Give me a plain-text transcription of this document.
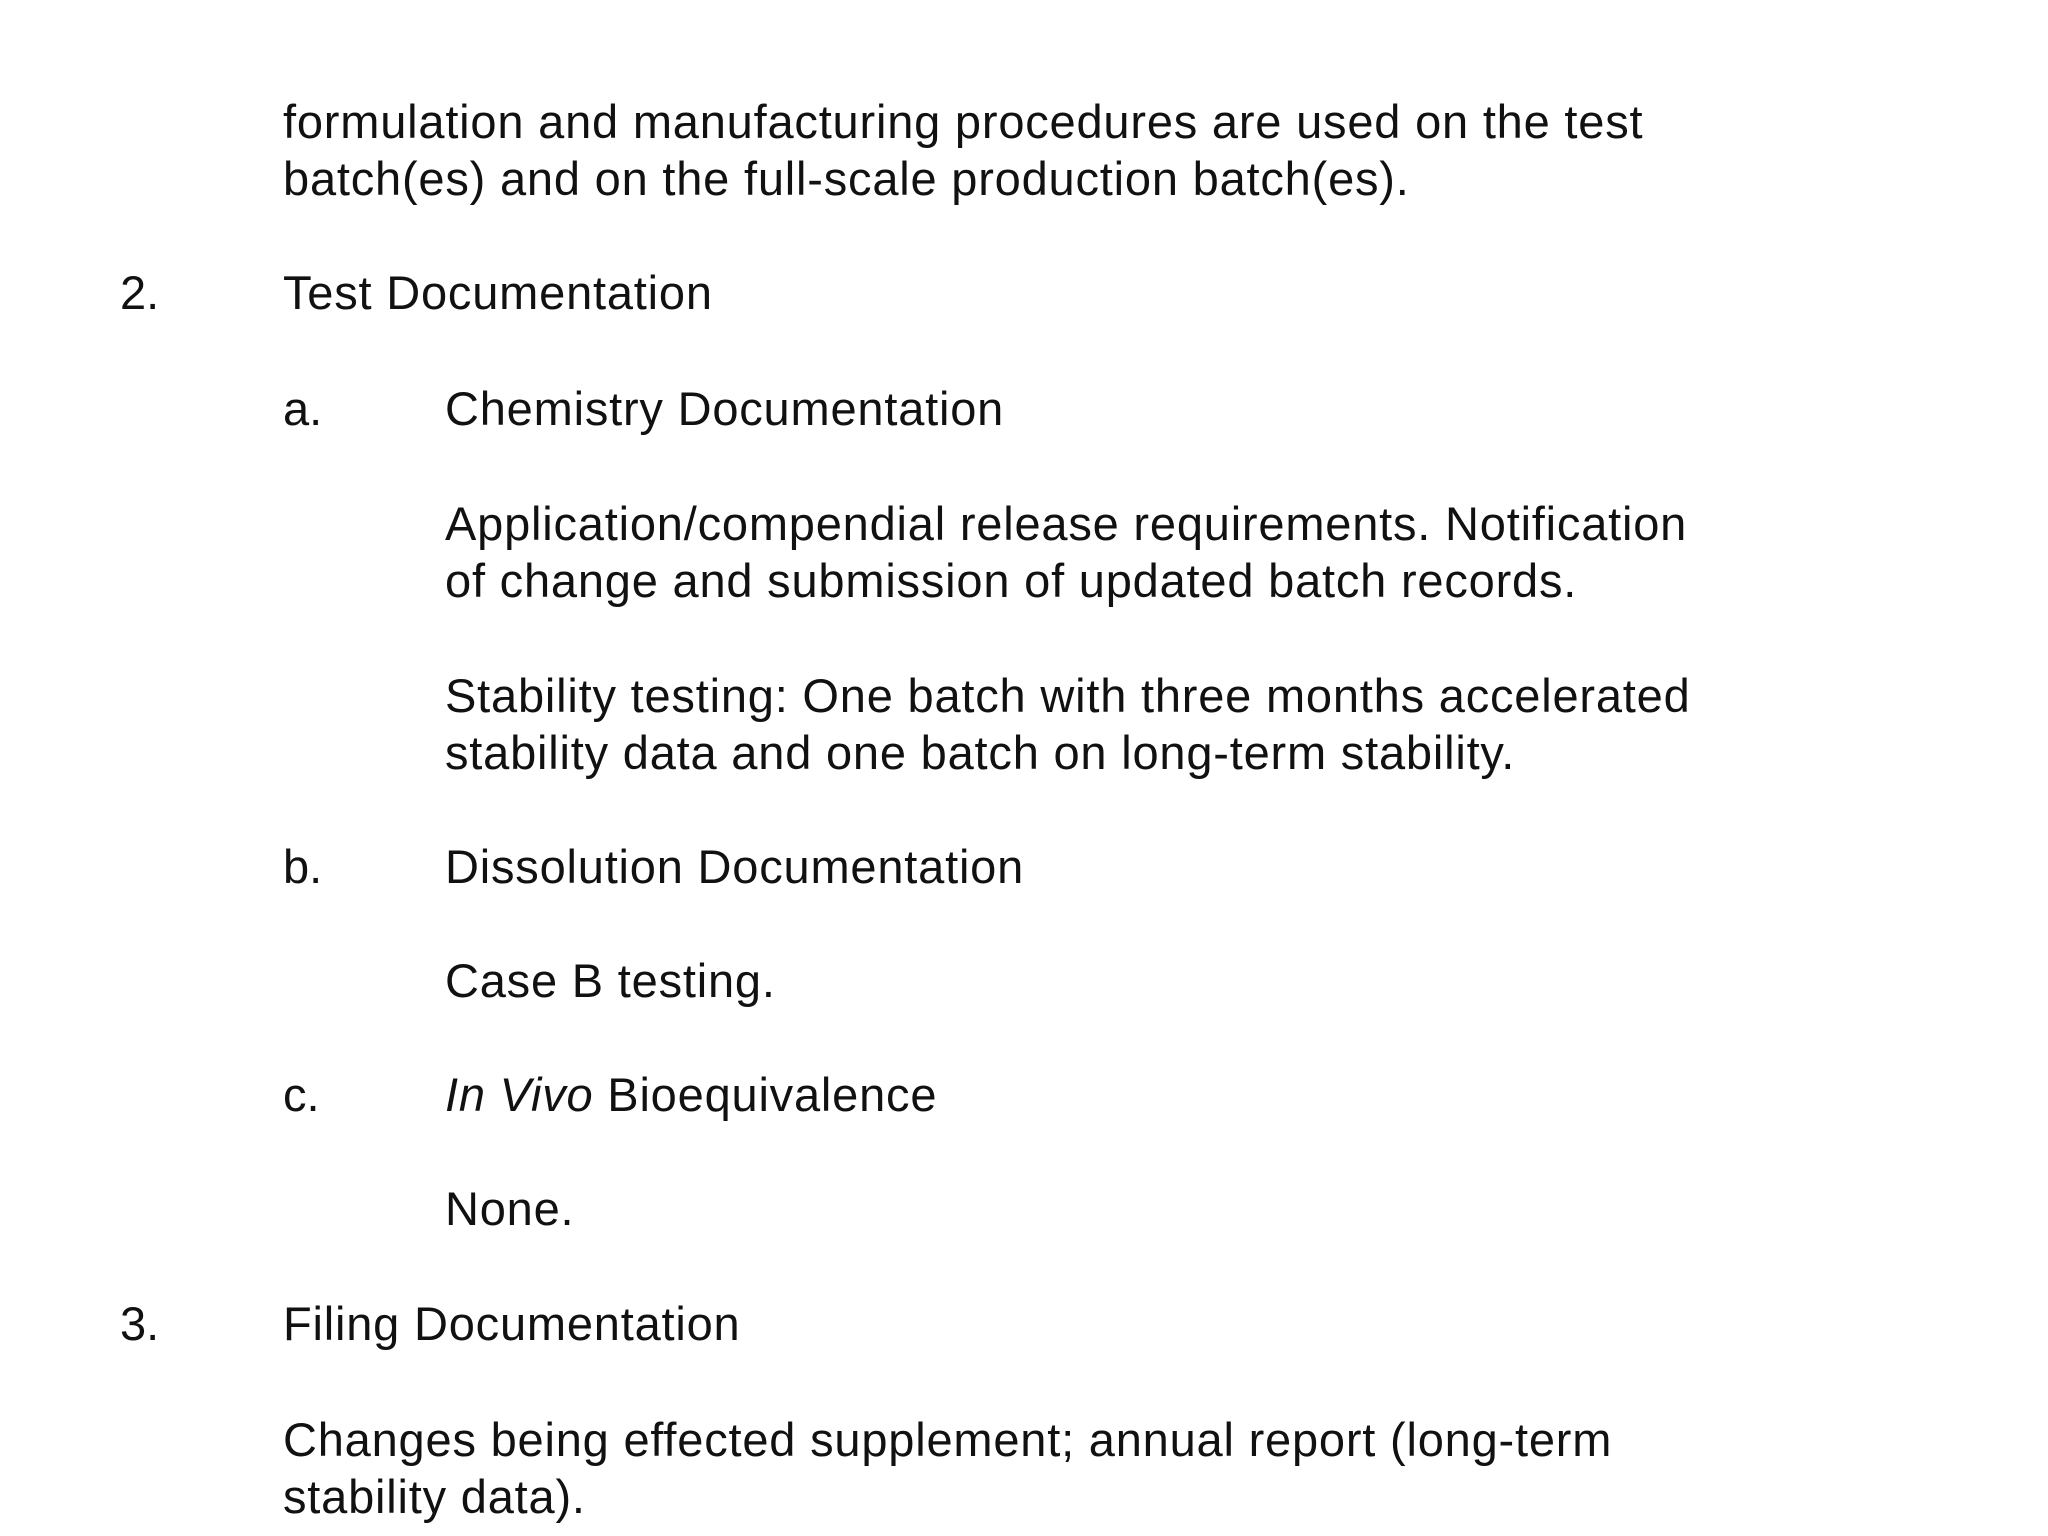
formulation and manufacturing procedures are used on the test

batch(es) and on the full-scale production batch(es).

2.	Test Documentation

a.	Chemistry Documentation

Application/compendial release requirements. Notification

of change and submission of updated batch records.

Stability testing: One batch with three months accelerated

stability data and one batch on long-term stability.

b.	Dissolution Documentation

Case B testing.

c.	In Vivo Bioequivalence

None.

3.	Filing Documentation

Changes being effected supplement; annual report (long-term

stability data).
